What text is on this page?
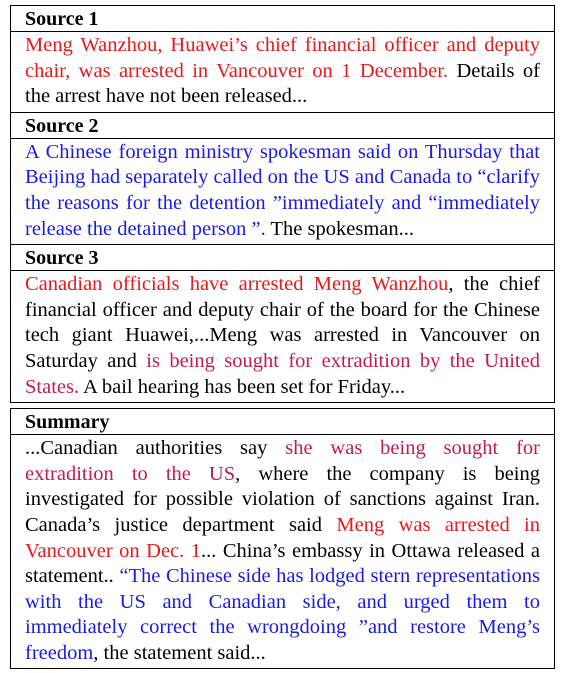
Source 1
Meng Wanzhou, Huawei’s chief financial officer and deputy chair, was arrested in Vancouver on 1 December. Details of the arrest have not been released...
Source 2
A Chinese foreign ministry spokesman said on Thursday that Beijing had separately called on the US and Canada to “clarify the reasons for the detention ”immediately and “immediately release the detained person ”. The spokesman...
Source 3
Canadian officials have arrested Meng Wanzhou, the chief financial officer and deputy chair of the board for the Chinese tech giant Huawei,...Meng was arrested in Vancouver on Saturday and is being sought for extradition by the United States. A bail hearing has been set for Friday...
Summary
...Canadian authorities say she was being sought for extradition to the US, where the company is being investigated for possible violation of sanctions against Iran. Canada’s justice department said Meng was arrested in Vancouver on Dec. 1... China’s embassy in Ottawa released a statement.. “The Chinese side has lodged stern representations with the US and Canadian side, and urged them to immediately correct the wrongdoing ”and restore Meng’s freedom, the statement said...
